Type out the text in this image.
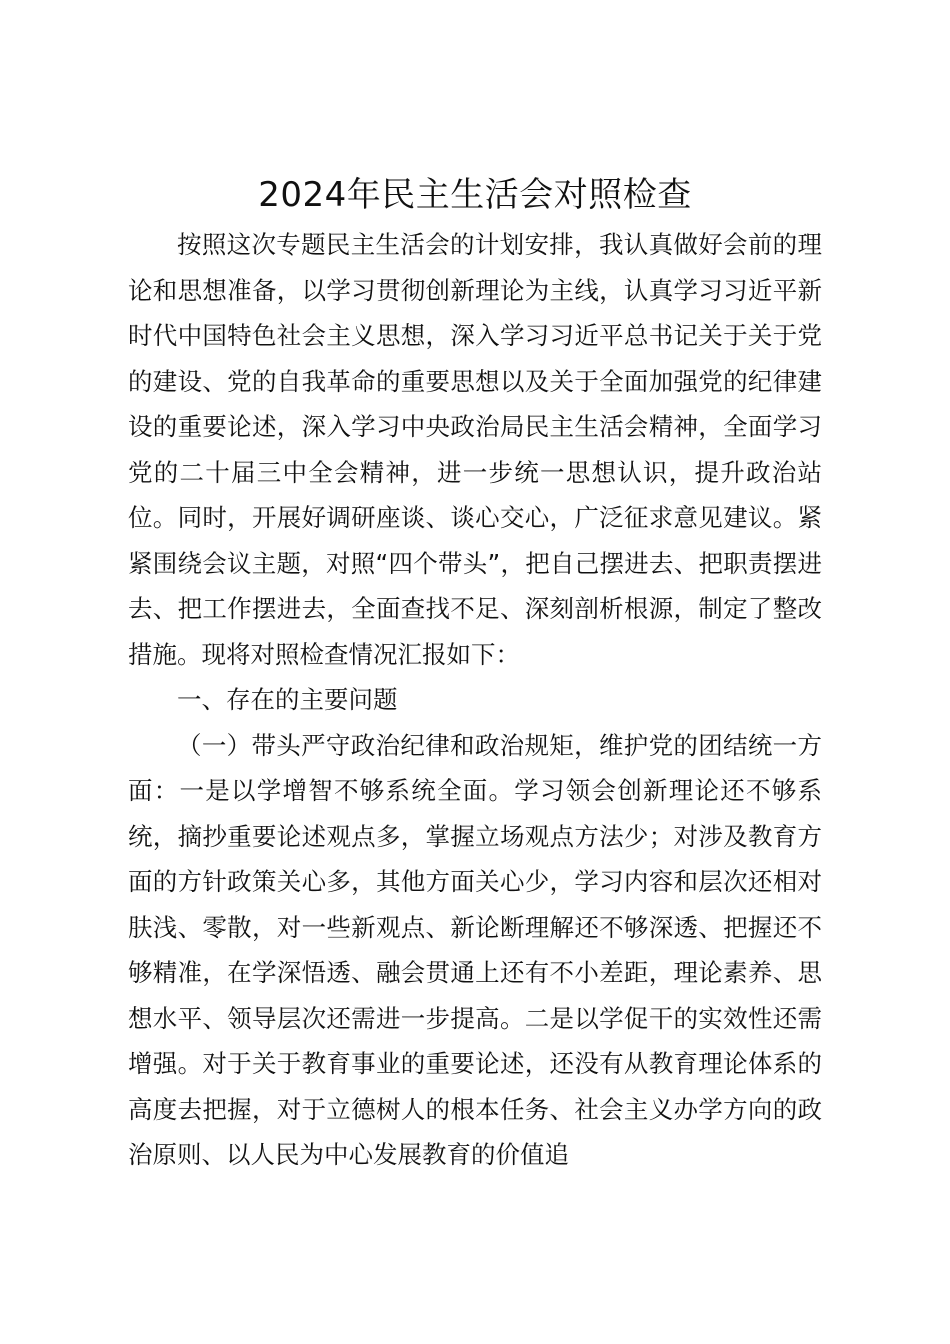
2024年民主生活会对照检查

按照这次专题民主生活会的计划安排，我认真做好会前的理论和思想准备，以学习贯彻创新理论为主线，认真学习习近平新时代中国特色社会主义思想，深入学习习近平总书记关于关于党的建设、党的自我革命的重要思想以及关于全面加强党的纪律建设的重要论述，深入学习中央政治局民主生活会精神，全面学习党的二十届三中全会精神，进一步统一思想认识，提升政治站位。同时，开展好调研座谈、谈心交心，广泛征求意见建议。紧紧围绕会议主题，对照“四个带头”，把自己摆进去、把职责摆进去、把工作摆进去，全面查找不足、深刻剖析根源，制定了整改措施。现将对照检查情况汇报如下：

一、存在的主要问题

（一）带头严守政治纪律和政治规矩，维护党的团结统一方面：一是以学增智不够系统全面。学习领会创新理论还不够系统，摘抄重要论述观点多，掌握立场观点方法少；对涉及教育方面的方针政策关心多，其他方面关心少，学习内容和层次还相对肤浅、零散，对一些新观点、新论断理解还不够深透、把握还不够精准，在学深悟透、融会贯通上还有不小差距，理论素养、思想水平、领导层次还需进一步提高。二是以学促干的实效性还需增强。对于关于教育事业的重要论述，还没有从教育理论体系的高度去把握，对于立德树人的根本任务、社会主义办学方向的政治原则、以人民为中心发展教育的价值追
